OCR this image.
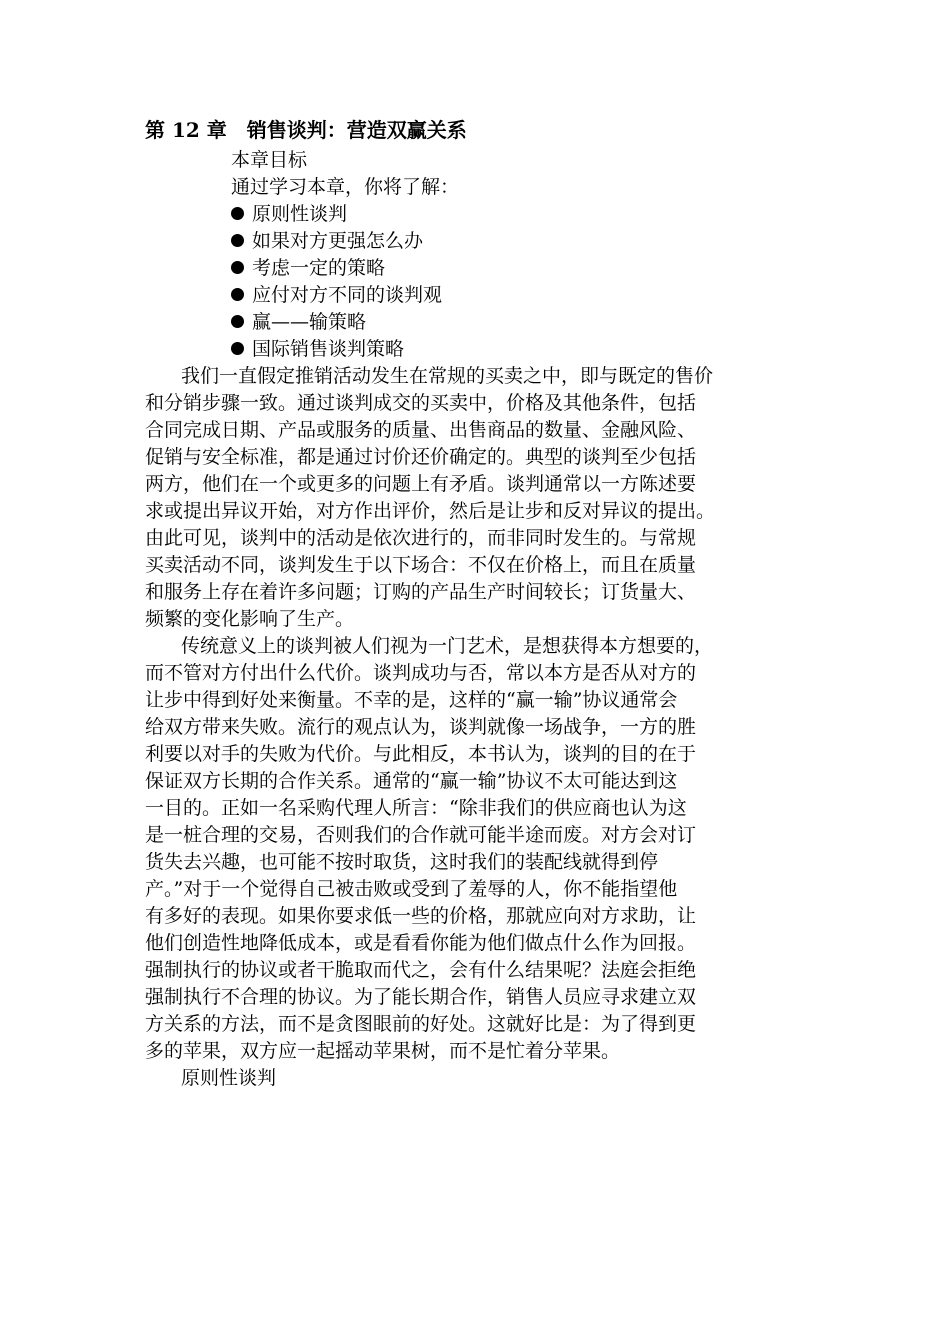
第 12 章　销售谈判：营造双赢关系
本章目标
通过学习本章，你将了解：
原则性谈判
如果对方更强怎么办
考虑一定的策略
应付对方不同的谈判观
赢——输策略
国际销售谈判策略
我们一直假定推销活动发生在常规的买卖之中，即与既定的售价
和分销步骤一致。通过谈判成交的买卖中，价格及其他条件，包括
合同完成日期、产品或服务的质量、出售商品的数量、金融风险、
促销与安全标准，都是通过讨价还价确定的。典型的谈判至少包括
两方，他们在一个或更多的问题上有矛盾。谈判通常以一方陈述要
求或提出异议开始，对方作出评价，然后是让步和反对异议的提出。
由此可见，谈判中的活动是依次进行的，而非同时发生的。与常规
买卖活动不同，谈判发生于以下场合：不仅在价格上，而且在质量
和服务上存在着许多问题；订购的产品生产时间较长；订货量大、
频繁的变化影响了生产。
传统意义上的谈判被人们视为一门艺术，是想获得本方想要的，
而不管对方付出什么代价。谈判成功与否，常以本方是否从对方的
让步中得到好处来衡量。不幸的是，这样的“赢一输”协议通常会
给双方带来失败。流行的观点认为，谈判就像一场战争，一方的胜
利要以对手的失败为代价。与此相反，本书认为，谈判的目的在于
保证双方长期的合作关系。通常的“赢一输”协议不太可能达到这
一目的。正如一名采购代理人所言：“除非我们的供应商也认为这
是一桩合理的交易，否则我们的合作就可能半途而废。对方会对订
货失去兴趣，也可能不按时取货，这时我们的装配线就得到停
产。”对于一个觉得自己被击败或受到了羞辱的人，你不能指望他
有多好的表现。如果你要求低一些的价格，那就应向对方求助，让
他们创造性地降低成本，或是看看你能为他们做点什么作为回报。
强制执行的协议或者干脆取而代之，会有什么结果呢？法庭会拒绝
强制执行不合理的协议。为了能长期合作，销售人员应寻求建立双
方关系的方法，而不是贪图眼前的好处。这就好比是：为了得到更
多的苹果，双方应一起摇动苹果树，而不是忙着分苹果。
原则性谈判
